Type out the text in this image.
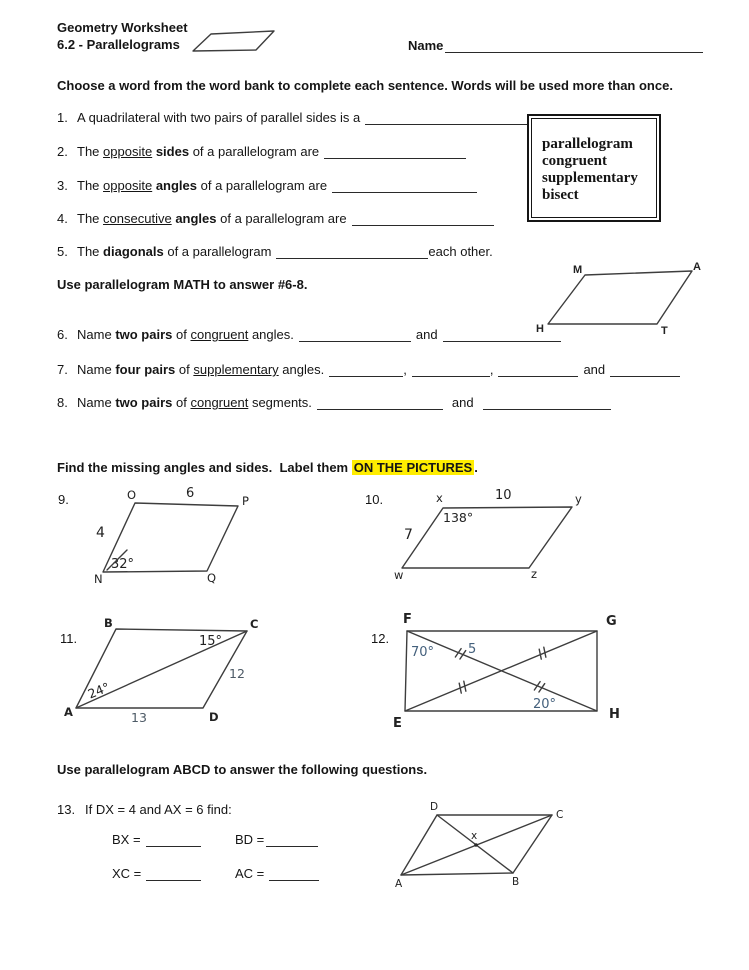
Geometry Worksheet
6.2 - Parallelograms	Name
Choose a word from the word bank to complete each sentence. Words will be used more than once.
1. A quadrilateral with two pairs of parallel sides is a
2. The opposite sides of a parallelogram are
3. The opposite angles of a parallelogram are
4. The consecutive angles of a parallelogram are
5. The diagonals of a parallelogram	each other.
parallelogram
congruent
supplementary
bisect
Use parallelogram MATH to answer #6-8.
M	A
H	T
6. Name two pairs of congruent angles.	and
7. Name four pairs of supplementary angles.	,	,	and
8. Name two pairs of congruent segments.	and
Find the missing angles and sides.  Label them ON THE PICTURES .
9.	O	P
N	Q
6
4
32°
10.	x	y
w	z
10
7
138°
11.
B	C
A	D
15°
24°
12
13
12.
F	G
E
H
70°	5
20°
Use parallelogram ABCD to answer the following questions.
13. If DX = 4 and AX = 6 find:
BX =	BD =
XC =	AC =
D
C
A	B
x
